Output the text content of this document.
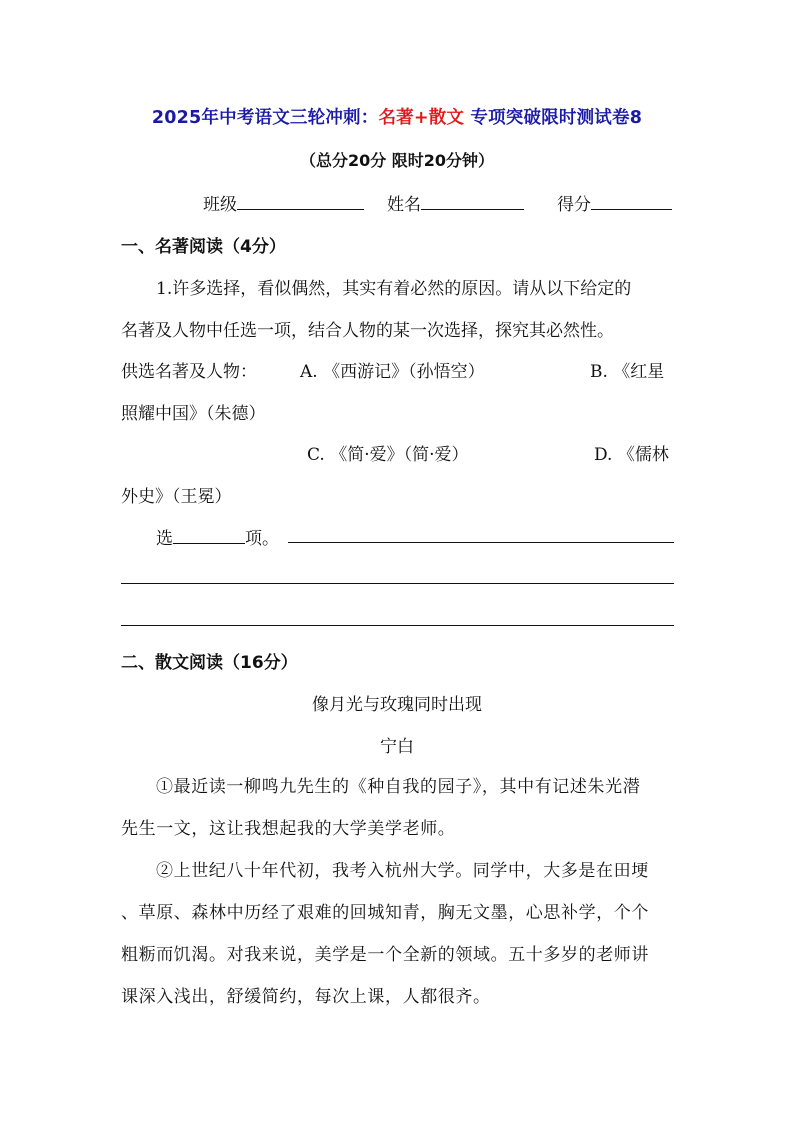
2025年中考语文三轮冲刺：名著+散文 专项突破限时测试卷8
（总分20分 限时20分钟）
班级	姓名	得分
一、名著阅读（4分）
1.许多选择，看似偶然，其实有着必然的原因。请从以下给定的
名著及人物中任选一项，结合人物的某一次选择，探究其必然性。
供选名著及人物：	A. 《西游记》（孙悟空）	B. 《红星
照耀中国》（朱德）
C. 《简·爱》（简·爱）	D. 《儒林
外史》（王冕）
选	项。
二、散文阅读（16分）
像月光与玫瑰同时出现
宁白
①最近读一柳鸣九先生的《种自我的园子》，其中有记述朱光潜
先生一文，这让我想起我的大学美学老师。
②上世纪八十年代初，我考入杭州大学。同学中，大多是在田埂
、草原、森林中历经了艰难的回城知青，胸无文墨，心思补学，个个
粗粝而饥渴。对我来说，美学是一个全新的领域。五十多岁的老师讲
课深入浅出，舒缓简约，每次上课，人都很齐。
